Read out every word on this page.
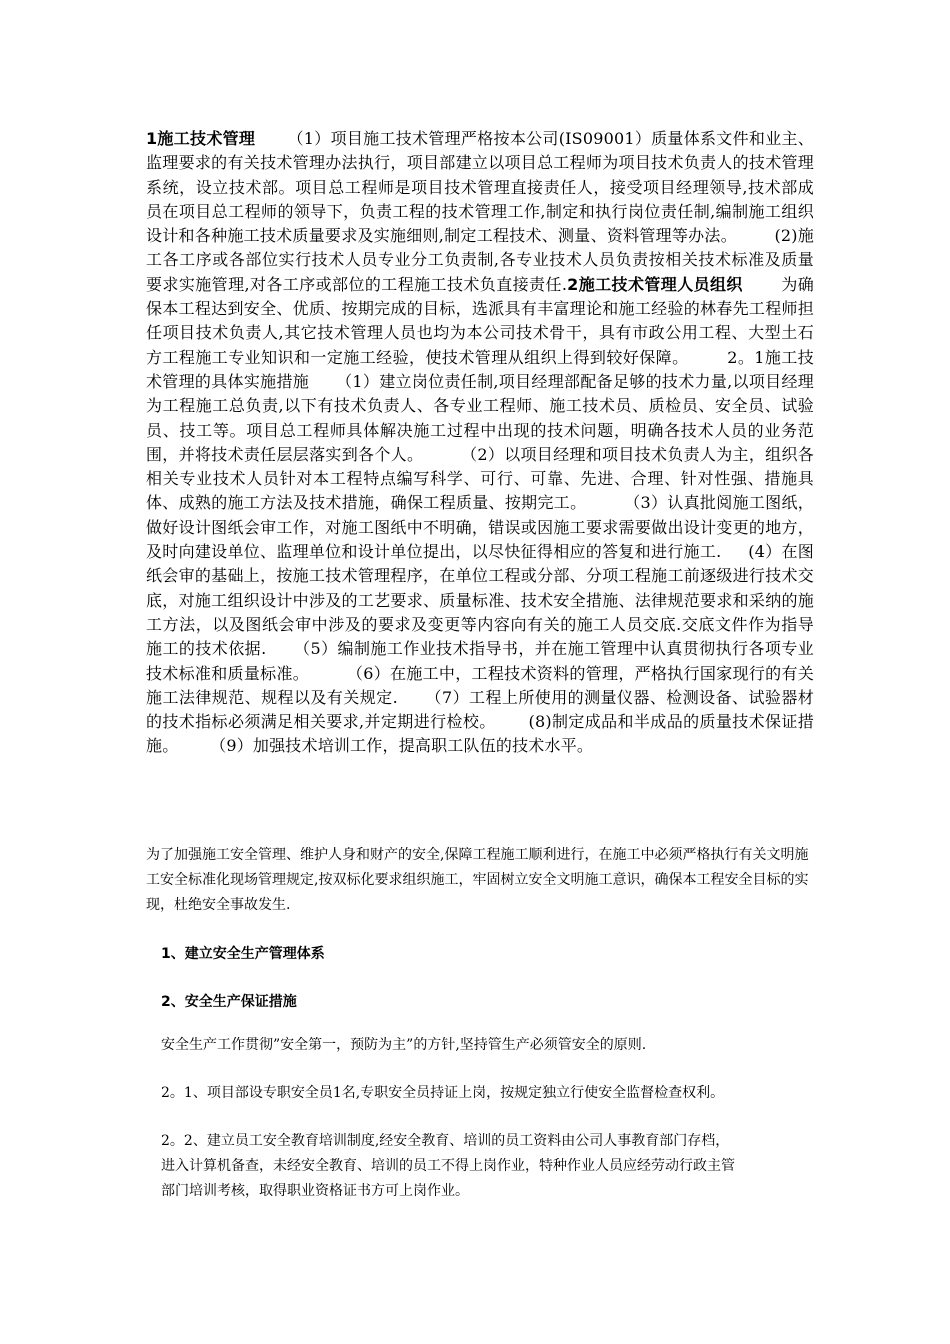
1施工技术管理 （1）项目施工技术管理严格按本公司(IS09001）质量体系文件和业主、监理要求的有关技术管理办法执行，项目部建立以项目总工程师为项目技术负责人的技术管理系统，设立技术部。项目总工程师是项目技术管理直接责任人，接受项目经理领导,技术部成员在项目总工程师的领导下，负责工程的技术管理工作,制定和执行岗位责任制,编制施工组织设计和各种施工技术质量要求及实施细则,制定工程技术、测量、资料管理等办法。 (2)施工各工序或各部位实行技术人员专业分工负责制,各专业技术人员负责按相关技术标准及质量要求实施管理,对各工序或部位的工程施工技术负直接责任.2施工技术管理人员组织 为确保本工程达到安全、优质、按期完成的目标，选派具有丰富理论和施工经验的林春先工程师担任项目技术负责人,其它技术管理人员也均为本公司技术骨干，具有市政公用工程、大型土石方工程施工专业知识和一定施工经验，使技术管理从组织上得到较好保障。 2。1施工技术管理的具体实施措施 （1）建立岗位责任制,项目经理部配备足够的技术力量,以项目经理为工程施工总负责,以下有技术负责人、各专业工程师、施工技术员、质检员、安全员、试验员、技工等。项目总工程师具体解决施工过程中出现的技术问题，明确各技术人员的业务范围，并将技术责任层层落实到各个人。 （2）以项目经理和项目技术负责人为主，组织各相关专业技术人员针对本工程特点编写科学、可行、可靠、先进、合理、针对性强、措施具体、成熟的施工方法及技术措施，确保工程质量、按期完工。 （3）认真批阅施工图纸，做好设计图纸会审工作，对施工图纸中不明确，错误或因施工要求需要做出设计变更的地方，及时向建设单位、监理单位和设计单位提出，以尽快征得相应的答复和进行施工. (4）在图纸会审的基础上，按施工技术管理程序，在单位工程或分部、分项工程施工前逐级进行技术交底，对施工组织设计中涉及的工艺要求、质量标准、技术安全措施、法律规范要求和采纳的施工方法，以及图纸会审中涉及的要求及变更等内容向有关的施工人员交底.交底文件作为指导施工的技术依据. （5）编制施工作业技术指导书，并在施工管理中认真贯彻执行各项专业技术标准和质量标准。 （6）在施工中，工程技术资料的管理，严格执行国家现行的有关施工法律规范、规程以及有关规定. （7）工程上所使用的测量仪器、检测设备、试验器材的技术指标必须满足相关要求,并定期进行检校。 (8)制定成品和半成品的质量技术保证措施。 （9）加强技术培训工作，提高职工队伍的技术水平。
为了加强施工安全管理、维护人身和财产的安全,保障工程施工顺利进行，在施工中必须严格执行有关文明施工安全标准化现场管理规定,按双标化要求组织施工，牢固树立安全文明施工意识，确保本工程安全目标的实现，杜绝安全事故发生.
1、建立安全生产管理体系
2、安全生产保证措施
安全生产工作贯彻”安全第一，预防为主”的方针,坚持管生产必须管安全的原则.
2。1、项目部设专职安全员1名,专职安全员持证上岗，按规定独立行使安全监督检查权利。
2。2、建立员工安全教育培训制度,经安全教育、培训的员工资料由公司人事教育部门存档，
进入计算机备查，未经安全教育、培训的员工不得上岗作业，特种作业人员应经劳动行政主管
部门培训考核，取得职业资格证书方可上岗作业。
